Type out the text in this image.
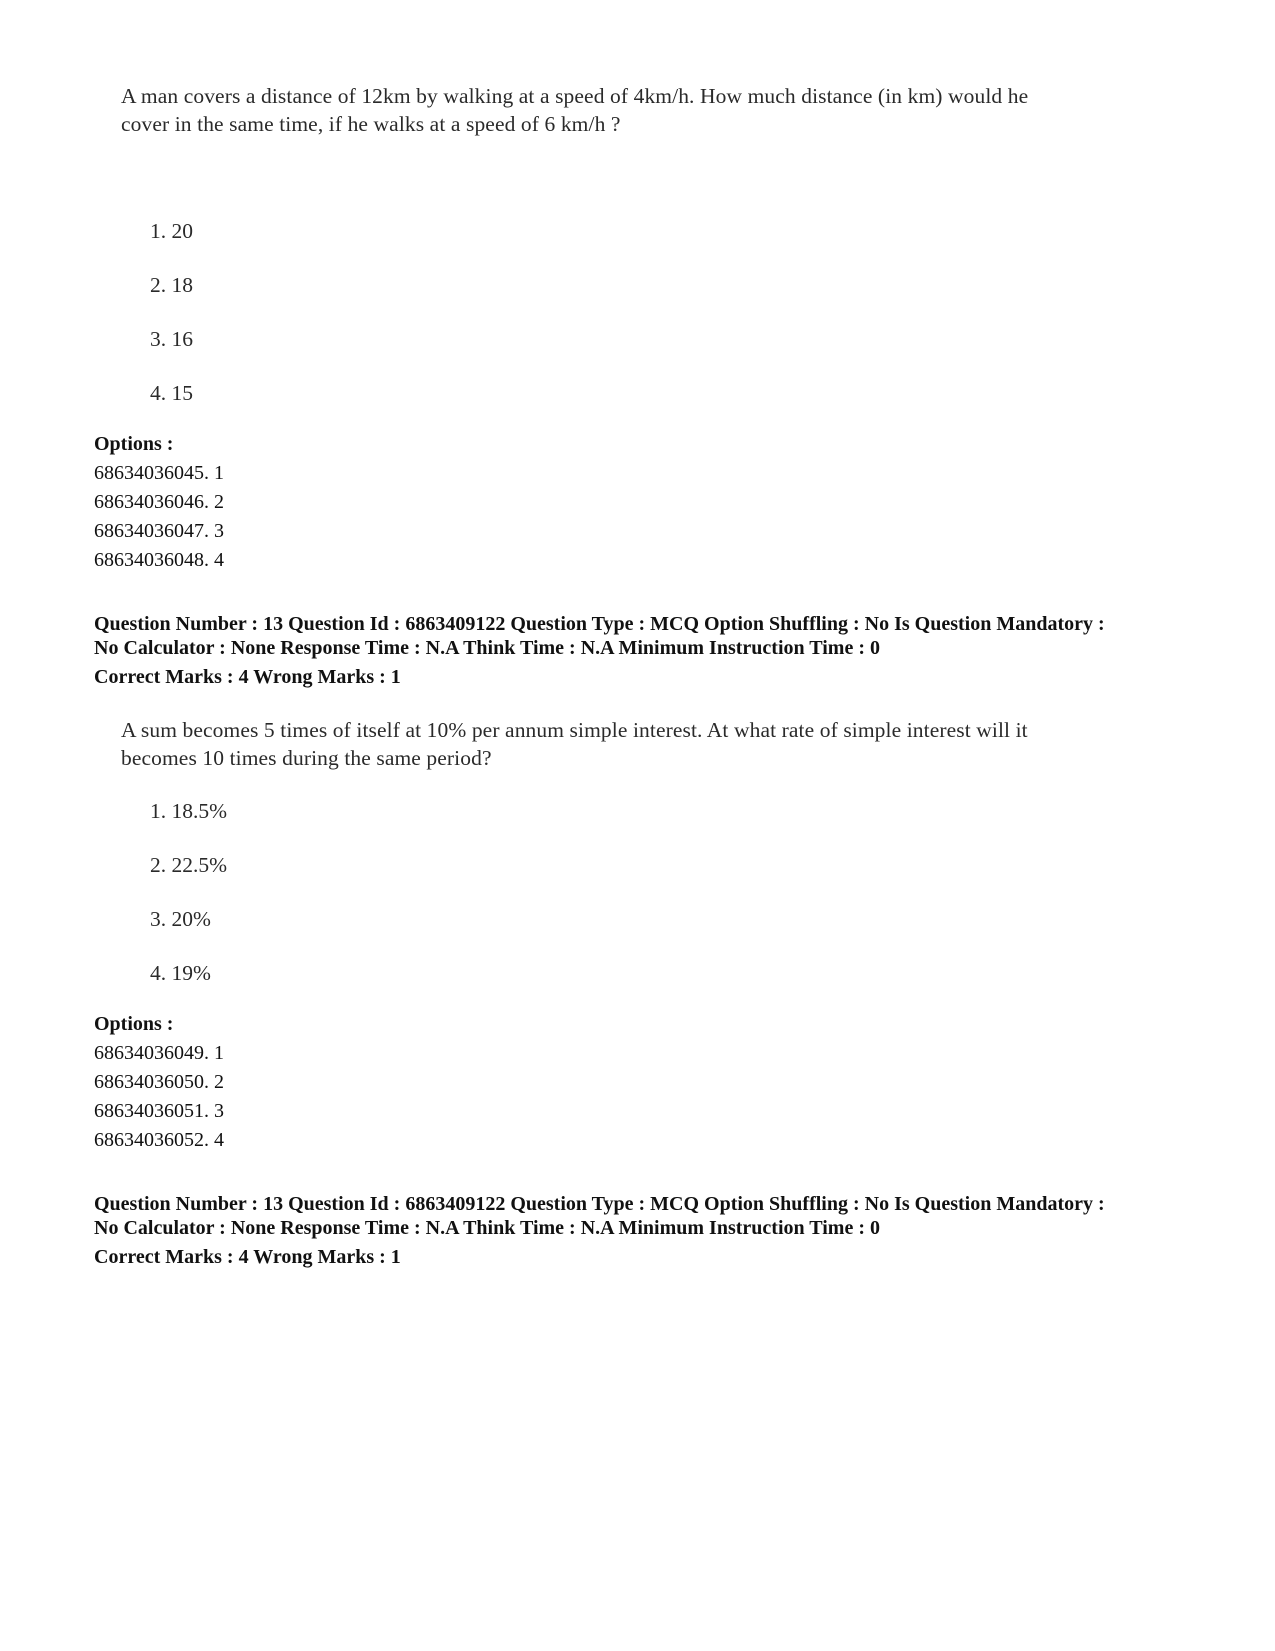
A man covers a distance of 12km by walking at a speed of 4km/h. How much distance (in km) would he
cover in the same time, if he walks at a speed of 6 km/h ?
1. 20
2. 18
3. 16
4. 15
Options :
68634036045. 1
68634036046. 2
68634036047. 3
68634036048. 4
Question Number : 13 Question Id : 6863409122 Question Type : MCQ Option Shuffling : No Is Question Mandatory :
No Calculator : None Response Time : N.A Think Time : N.A Minimum Instruction Time : 0
Correct Marks : 4 Wrong Marks : 1
A sum becomes 5 times of itself at 10% per annum simple interest. At what rate of simple interest will it
becomes 10 times during the same period?
1. 18.5%
2. 22.5%
3. 20%
4. 19%
Options :
68634036049. 1
68634036050. 2
68634036051. 3
68634036052. 4
Question Number : 13 Question Id : 6863409122 Question Type : MCQ Option Shuffling : No Is Question Mandatory :
No Calculator : None Response Time : N.A Think Time : N.A Minimum Instruction Time : 0
Correct Marks : 4 Wrong Marks : 1
